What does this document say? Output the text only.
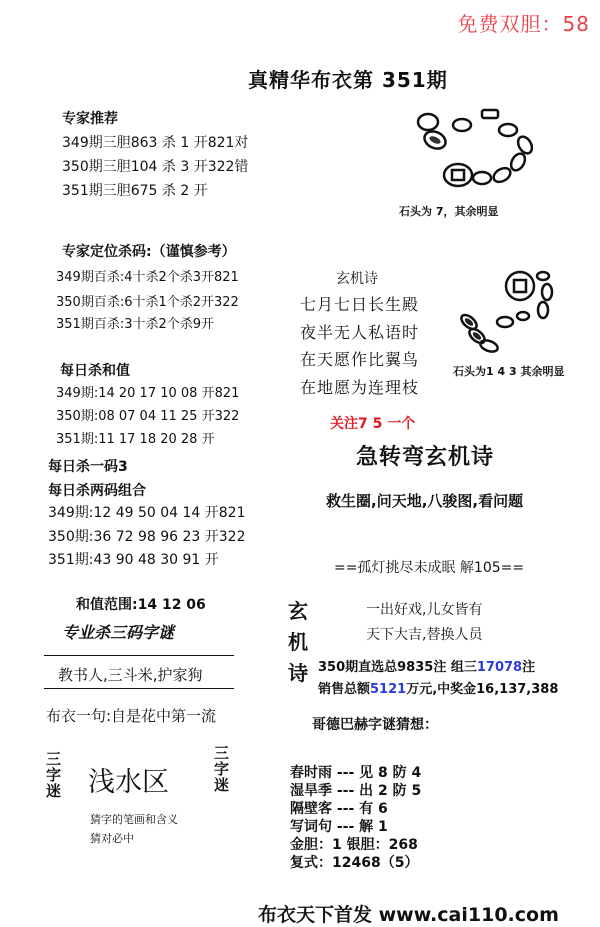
免费双胆：58
真精华布衣第 351期
专家推荐
349期三胆863 杀 1 开821对
350期三胆104 杀 3 开322错
351期三胆675 杀 2 开
石头为 7，其余明显
专家定位杀码:（谨慎参考）
349期百杀:4十杀2个杀3开821
350期百杀:6十杀1个杀2开322
351期百杀:3十杀2个杀9开
玄机诗
七月七日长生殿
夜半无人私语时
在天愿作比翼鸟
在地愿为连理枝
石头为1 4 3 其余明显
每日杀和值
349期:14 20 17 10 08 开821
350期:08 07 04 11 25 开322
351期:11 17 18 20 28 开
关注7 5 一个
急转弯玄机诗
救生圈,问天地,八骏图,看问题
每日杀一码3
每日杀两码组合
349期:12 49 50 04 14 开821
350期:36 72 98 96 23 开322
351期:43 90 48 30 91 开	==孤灯挑尽未成眠 解105==
和值范围:14 12 06
专业杀三码字谜
教书人,三斗米,护家狗
布衣一句:自是花中第一流
玄
机
诗
一出好戏,儿女皆有
天下大吉,替换人员
350期直选总9835注 组三17078注
销售总额5121万元,中奖金16,137,388
三
字
迷 浅水区
三
字
迷
猜字的笔画和含义
猜对必中
哥德巴赫字谜猜想：
春时雨 --- 见 8 防 4
湿旱季 --- 出 2 防 5
隔壁客 --- 有 6
写词句 --- 解 1
金胆：1 银胆：268
复式：12468（5）
布衣天下首发 www.cai110.com
